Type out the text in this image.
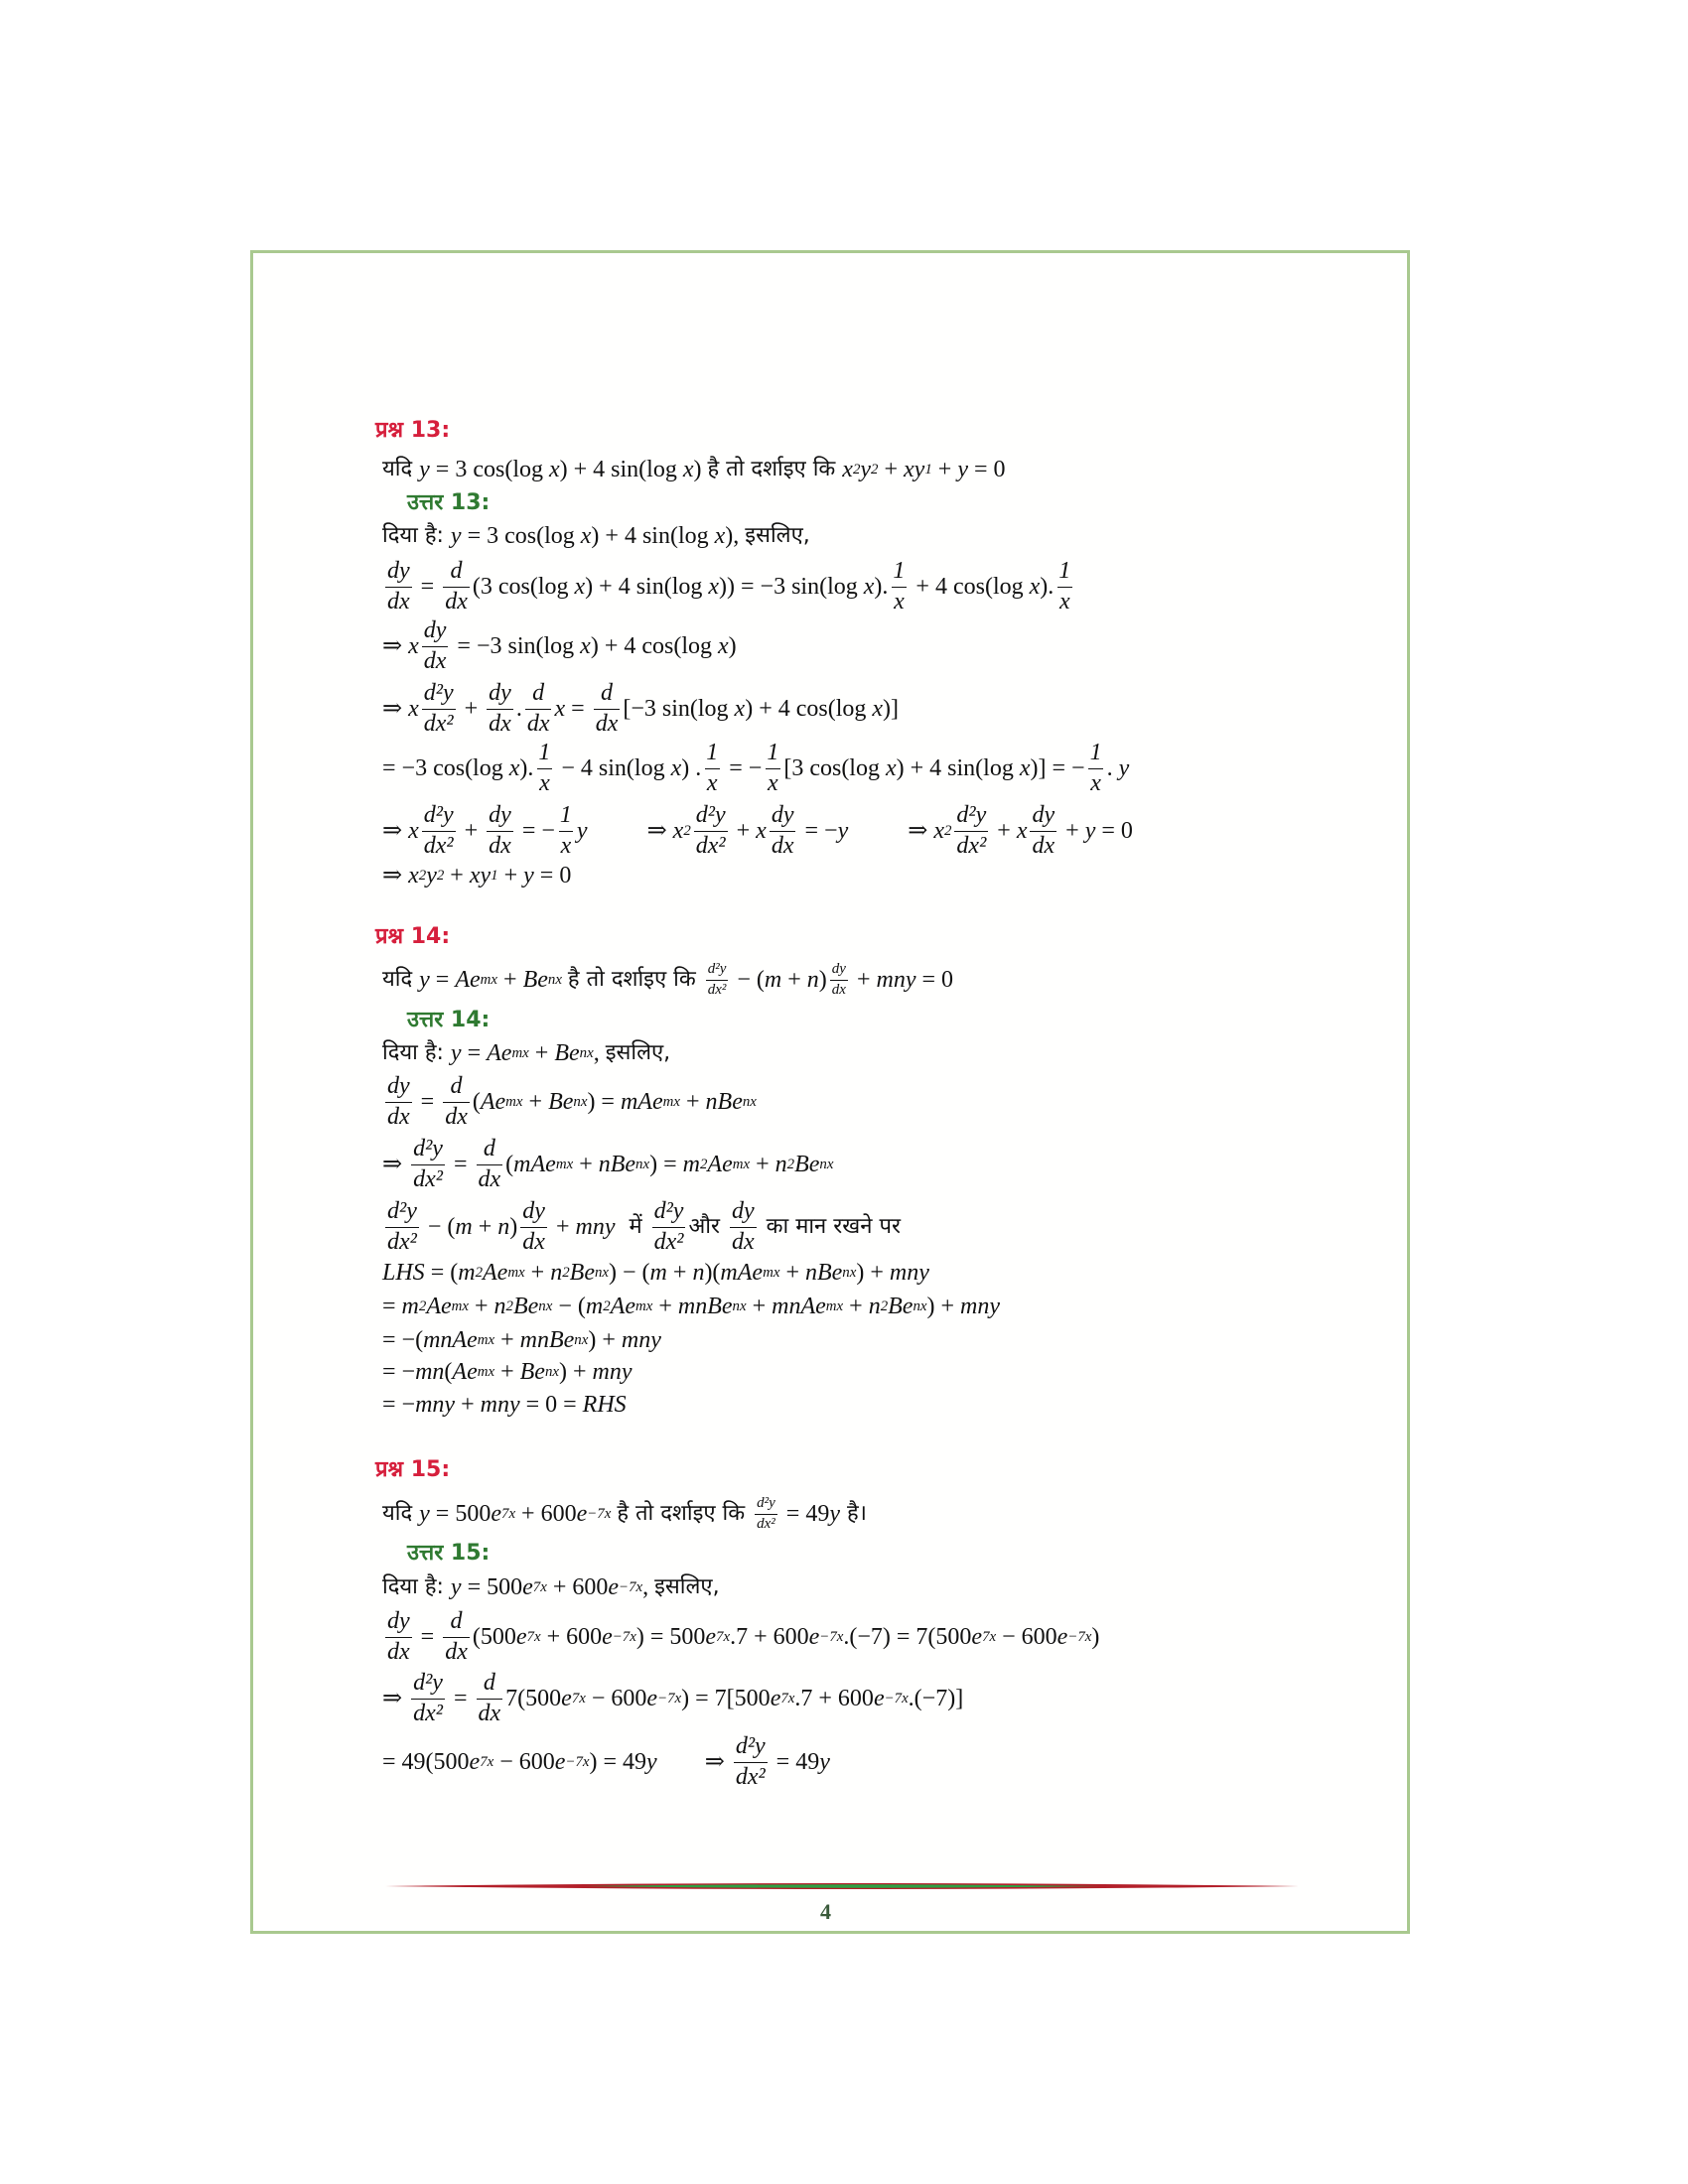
प्रश्न 13:
यदि y = 3 cos(log x ) + 4 sin(log x ) है तो दर्शाइए कि x y + xy + y = 0
उत्तर 13:
दिया है: y = 3 cos(log x ) + 4 sin(log x ), इसलिए,
$\frac{dy}{dx} = \frac{d}{dx} (3$ cos(log x ) + 4 sin(log x )) = −3 sin(log x ). $\frac{1}{x} + 4$ cos(log x ). $\frac{1}{x}$
⇒ x $\frac{dy}{dx} = -3$ sin(log x ) + 4 cos(log x )
⇒ x $\frac{\text{d²y}}{\text{dx²}} + \frac{dy}{dx}$ . $\frac{d}{dx}$ $x = \frac{d}{dx} [-3$ sin(log x ) + 4 cos(log x )]
= −3 cos(log x ). $\frac{1}{x} - 4$ sin(log x ) . $\frac{1}{x}$ = − $\frac{1}{x} [3$ cos(log x ) + 4 sin(log x )] = − $\frac{1}{x}$ . y
⇒ x $\frac{\text{d²y}}{\text{dx²}} + \frac{dy}{dx}$ = − $\frac{1}{x}$ y ⇒ x $\frac{\text{d²y}}{\text{dx²}} + x \frac{dy}{dx}$ = − y ⇒ x $\frac{\text{d²y}}{\text{dx²}} + x \frac{dy}{dx} + y = 0$
⇒ x y + xy + y = 0
प्रश्न 14:
यदि y = Ae + Be
है तो दर्शाइए कि $\frac{\text{d²y}}{\text{dx²}}$ − ( m + n ) $\frac{dy}{dx}$ + mny = 0
उत्तर 14:
दिया है: y = Ae + Be , इसलिए,
$\frac{dy}{dx} = \frac{d}{dx}$ ( Ae + Be ) = mAe + nBe
⇒ $\frac{\text{d²y}}{\text{dx²}} = \frac{d}{dx}$ ( mAe + nBe ) = m Ae + n Be
$\frac{\text{d²y}}{\text{dx²}}$ − ( m + n ) $\frac{dy}{dx}$ + mny में $\frac{\text{d²y}}{\text{dx²}}$ और $\frac{dy}{dx}$ का मान रखने पर
LHS = ( m Ae + n Be ) − ( m + n )( mAe + nBe ) + mny
= m Ae + n Be − ( m Ae + mnBe + mnAe + n Be ) + mny
= −( mnAe + mnBe ) + mny
= − mn ( Ae + Be ) + mny
= − mny + mny = 0 = RHS
प्रश्न 15:
यदि y = 500 e + 600 e
है तो दर्शाइए कि $\frac{\text{d²y}}{\text{dx²}} = 49$ y है।
उत्तर 15:
दिया है: y = 500 e + 600 e , इसलिए,
$\frac{dy}{dx} = \frac{d}{dx} (500$ e + 600 e ) = 500 e .7 + 600 e .(−7) = 7(500 e − 600 e )
⇒ $\frac{\text{d²y}}{\text{dx²}} = \frac{d}{dx} 7(500$ e − 600 e ) = 7[500 e .7 + 600 e .(−7)]
= 49(500 e − 600 e ) = 49 y ⇒ $\frac{\text{d²y}}{\text{dx²}} = 49$ y
4
